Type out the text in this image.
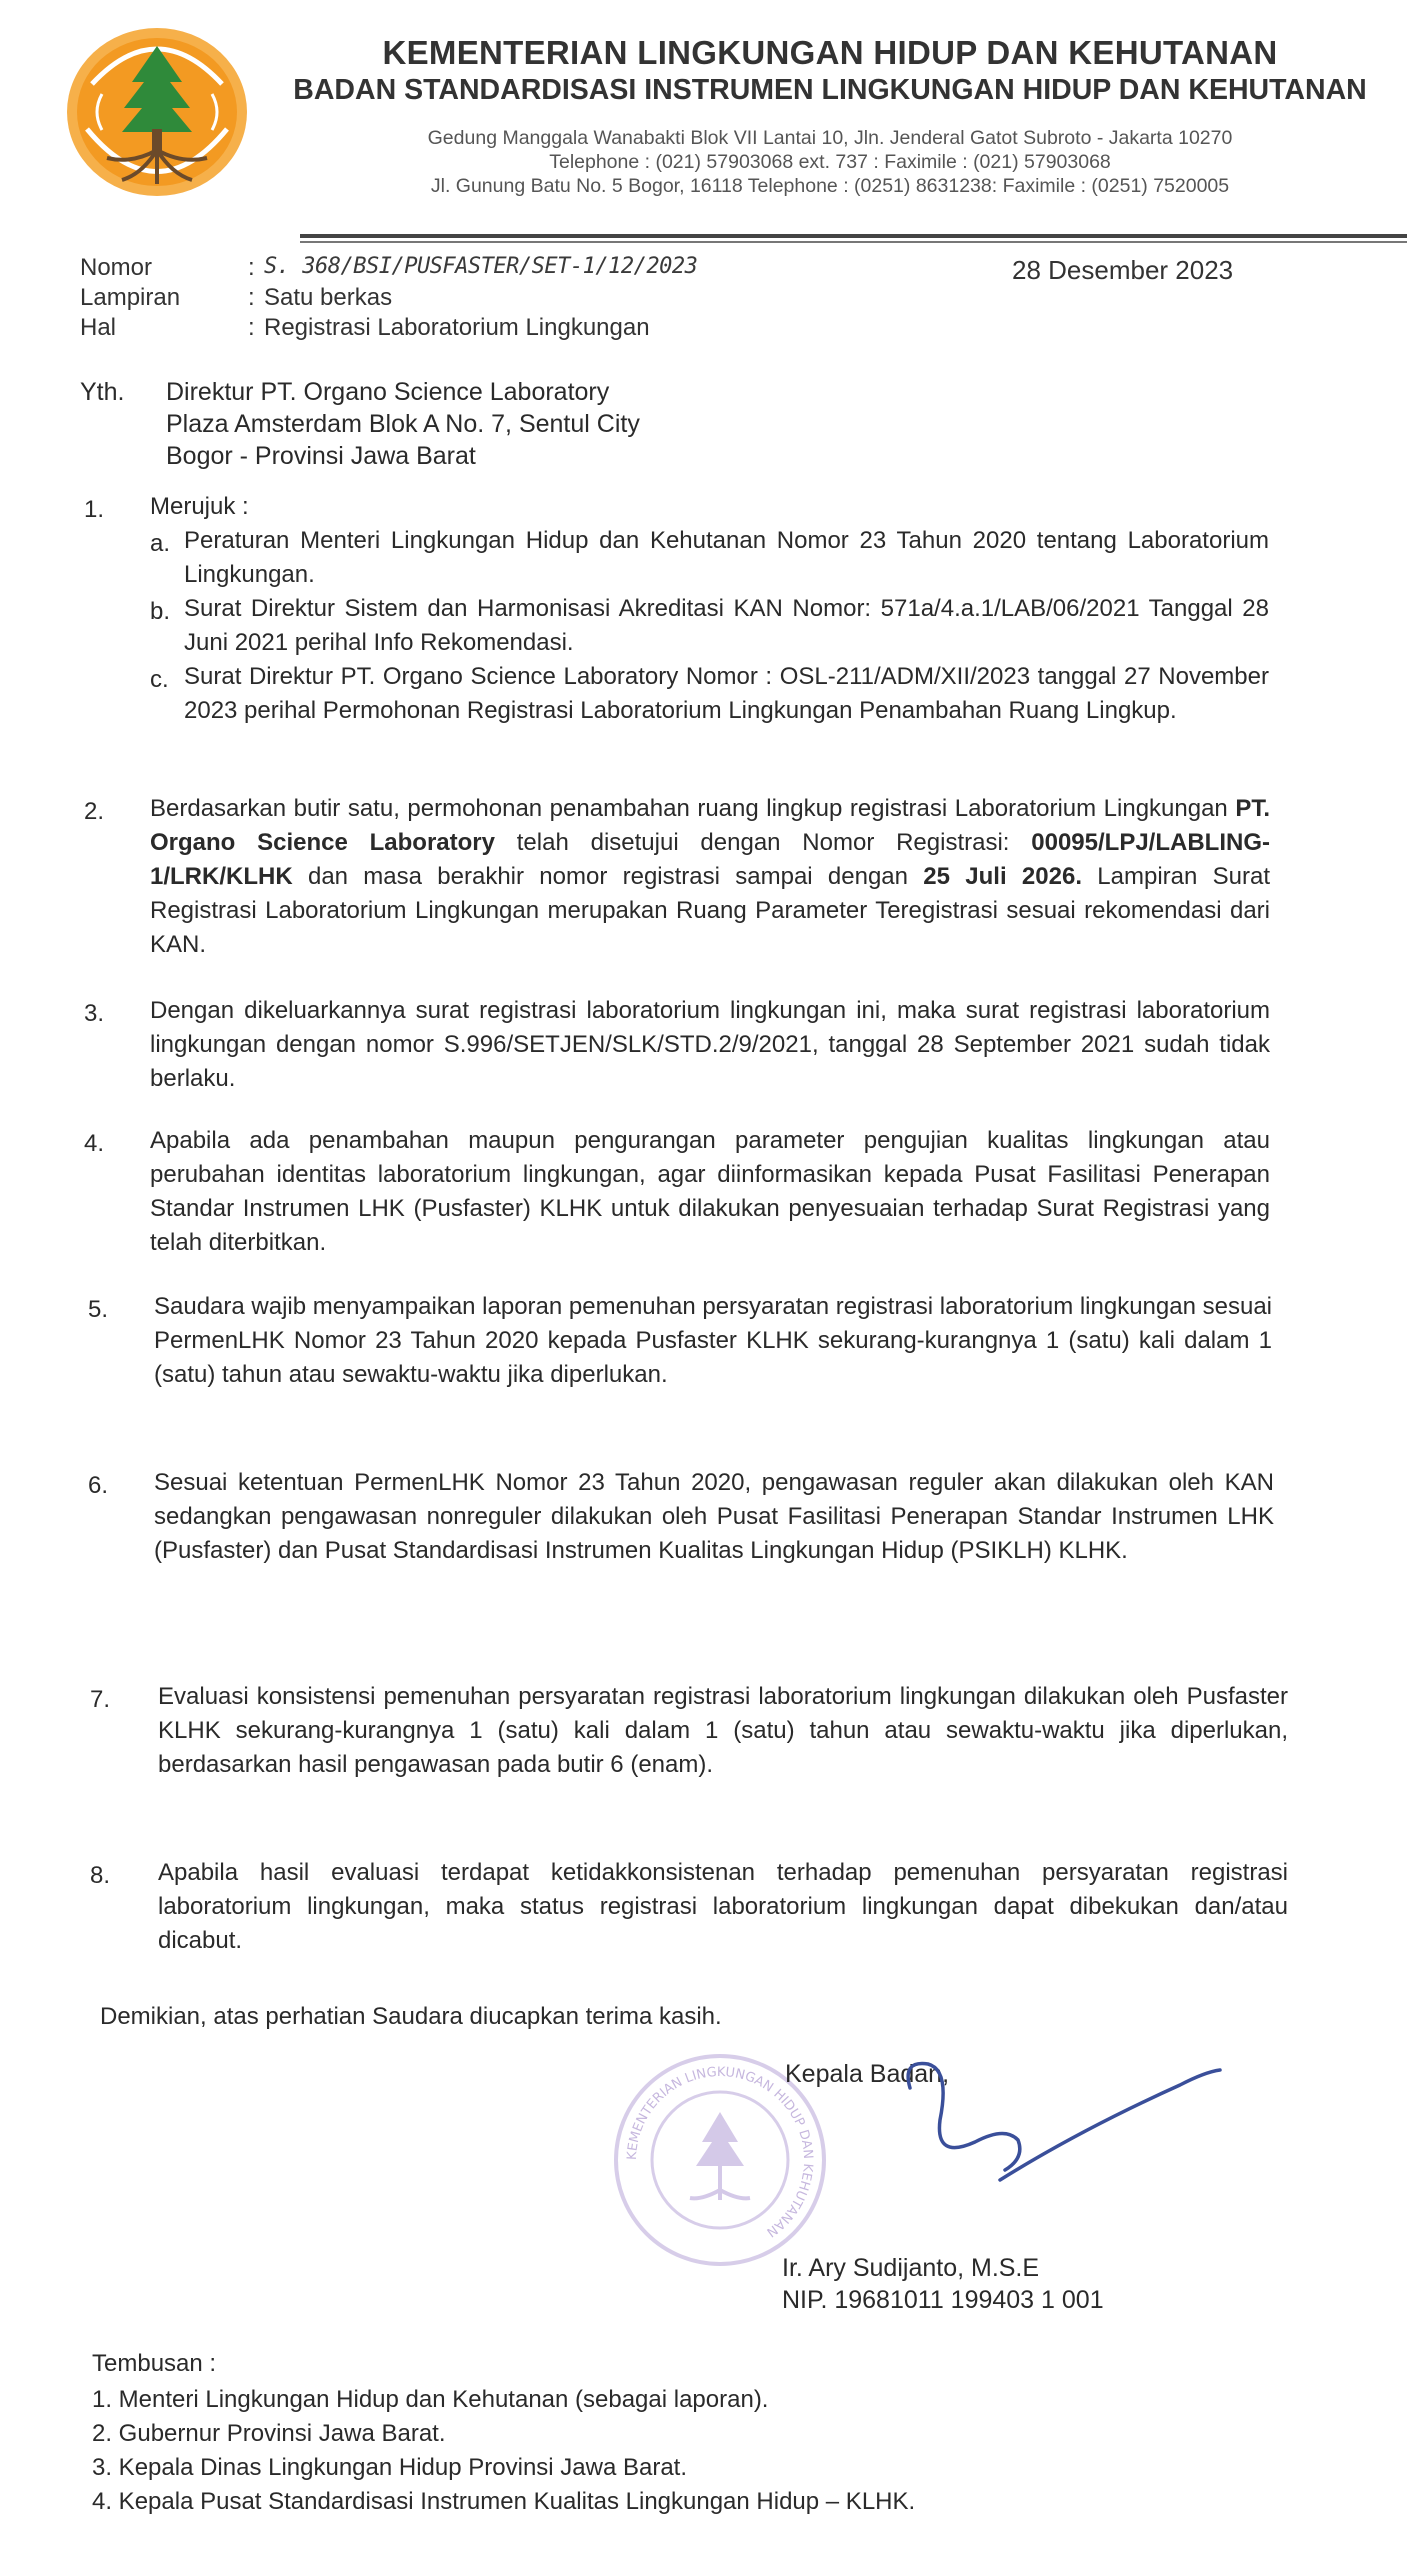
KEMENTERIAN LINGKUNGAN HIDUP DAN KEHUTANAN
BADAN STANDARDISASI INSTRUMEN LINGKUNGAN HIDUP DAN KEHUTANAN
Gedung Manggala Wanabakti Blok VII Lantai 10, Jln. Jenderal Gatot Subroto - Jakarta 10270
Telephone : (021) 57903068 ext. 737 : Faximile : (021) 57903068
Jl. Gunung Batu No. 5 Bogor, 16118 Telephone : (0251) 8631238: Faximile : (0251) 7520005
Nomor	: S. 368/BSI/PUSFASTER/SET-1/12/2023	28 Desember 2023
Lampiran	: Satu berkas
Hal	: Registrasi Laboratorium Lingkungan
Yth. Direktur PT. Organo Science Laboratory
Plaza Amsterdam Blok A No. 7, Sentul City
Bogor - Provinsi Jawa Barat
1. Merujuk :
a. Peraturan Menteri Lingkungan Hidup dan Kehutanan Nomor 23 Tahun 2020 tentang Laboratorium Lingkungan.
b. Surat Direktur Sistem dan Harmonisasi Akreditasi KAN Nomor: 571a/4.a.1/LAB/06/2021 Tanggal 28 Juni 2021 perihal Info Rekomendasi.
c. Surat Direktur PT. Organo Science Laboratory Nomor : OSL-211/ADM/XII/2023 tanggal 27 November 2023 perihal Permohonan Registrasi Laboratorium Lingkungan Penambahan Ruang Lingkup.
2. Berdasarkan butir satu, permohonan penambahan ruang lingkup registrasi Laboratorium Lingkungan PT. Organo Science Laboratory telah disetujui dengan Nomor Registrasi: 00095/LPJ/LABLING-1/LRK/KLHK dan masa berakhir nomor registrasi sampai dengan 25 Juli 2026. Lampiran Surat Registrasi Laboratorium Lingkungan merupakan Ruang Parameter Teregistrasi sesuai rekomendasi dari KAN.
3. Dengan dikeluarkannya surat registrasi laboratorium lingkungan ini, maka surat registrasi laboratorium lingkungan dengan nomor S.996/SETJEN/SLK/STD.2/9/2021, tanggal 28 September 2021 sudah tidak berlaku.
4. Apabila ada penambahan maupun pengurangan parameter pengujian kualitas lingkungan atau perubahan identitas laboratorium lingkungan, agar diinformasikan kepada Pusat Fasilitasi Penerapan Standar Instrumen LHK (Pusfaster) KLHK untuk dilakukan penyesuaian terhadap Surat Registrasi yang telah diterbitkan.
5. Saudara wajib menyampaikan laporan pemenuhan persyaratan registrasi laboratorium lingkungan sesuai PermenLHK Nomor 23 Tahun 2020 kepada Pusfaster KLHK sekurang-kurangnya 1 (satu) kali dalam 1 (satu) tahun atau sewaktu-waktu jika diperlukan.
6. Sesuai ketentuan PermenLHK Nomor 23 Tahun 2020, pengawasan reguler akan dilakukan oleh KAN sedangkan pengawasan nonreguler dilakukan oleh Pusat Fasilitasi Penerapan Standar Instrumen LHK (Pusfaster) dan Pusat Standardisasi Instrumen Kualitas Lingkungan Hidup (PSIKLH) KLHK.
7. Evaluasi konsistensi pemenuhan persyaratan registrasi laboratorium lingkungan dilakukan oleh Pusfaster KLHK sekurang-kurangnya 1 (satu) kali dalam 1 (satu) tahun atau sewaktu-waktu jika diperlukan, berdasarkan hasil pengawasan pada butir 6 (enam).
8. Apabila hasil evaluasi terdapat ketidakkonsistenan terhadap pemenuhan persyaratan registrasi laboratorium lingkungan, maka status registrasi laboratorium lingkungan dapat dibekukan dan/atau dicabut.
Demikian, atas perhatian Saudara diucapkan terima kasih.
KEMENTERIAN LINGKUNGAN HIDUP DAN KEHUTANAN
Kepala Badan,
Ir. Ary Sudijanto, M.S.E
NIP. 19681011 199403 1 001
Tembusan :
1. Menteri Lingkungan Hidup dan Kehutanan (sebagai laporan).
2. Gubernur Provinsi Jawa Barat.
3. Kepala Dinas Lingkungan Hidup Provinsi Jawa Barat.
4. Kepala Pusat Standardisasi Instrumen Kualitas Lingkungan Hidup – KLHK.
